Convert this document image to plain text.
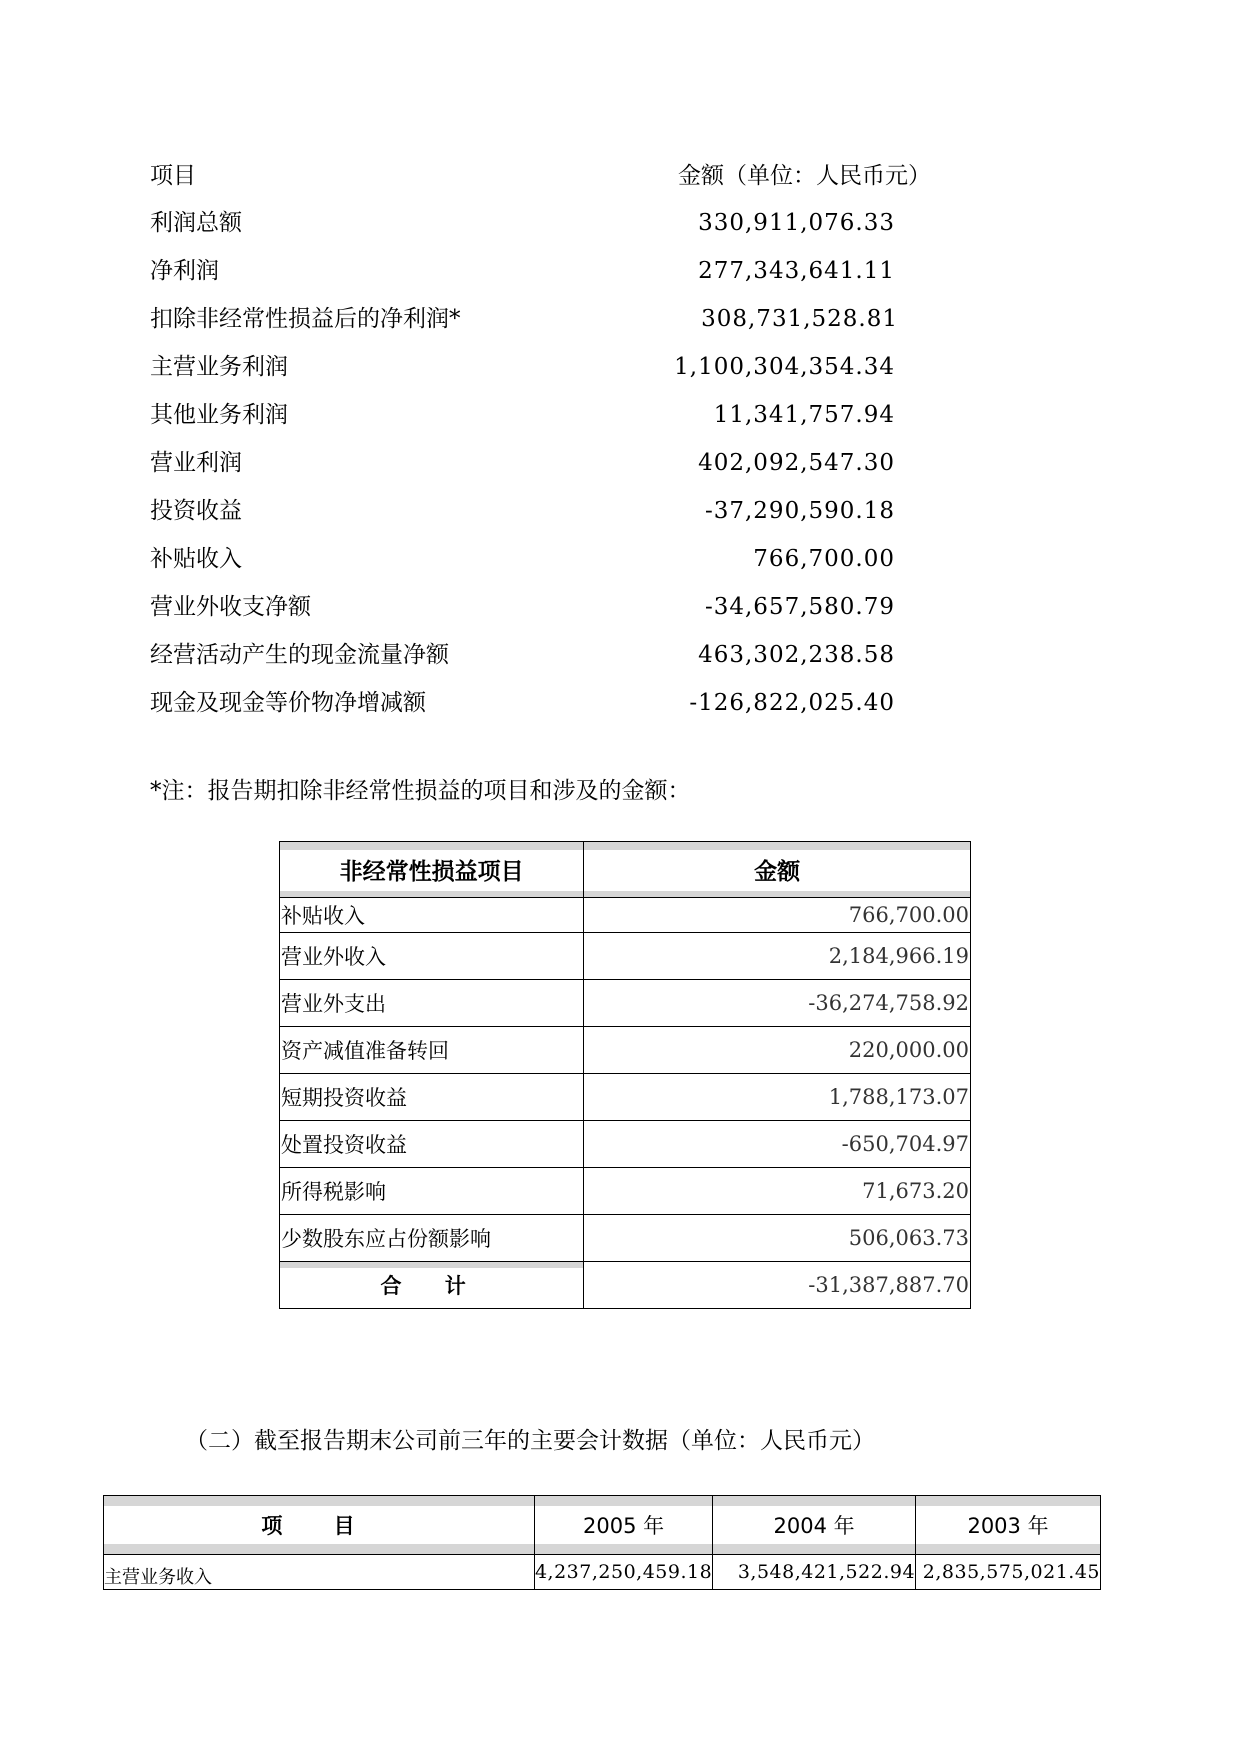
项目	金额（单位：人民币元）
利润总额	330,911,076.33
净利润	277,343,641.11
扣除非经常性损益后的净利润*	308,731,528.81
主营业务利润	1,100,304,354.34
其他业务利润	11,341,757.94
营业利润	402,092,547.30
投资收益	-37,290,590.18
补贴收入	766,700.00
营业外收支净额	-34,657,580.79
经营活动产生的现金流量净额	463,302,238.58
现金及现金等价物净增减额	-126,822,025.40
*注：报告期扣除非经常性损益的项目和涉及的金额：
非经常性损益项目	金额
补贴收入	766,700.00
营业外收入	2,184,966.19
营业外支出	-36,274,758.92
资产减值准备转回	220,000.00
短期投资收益	1,788,173.07
处置投资收益	-650,704.97
所得税影响	71,673.20
少数股东应占份额影响	506,063.73
合 计	-31,387,887.70
（二）截至报告期末公司前三年的主要会计数据（单位：人民币元）
项 目	2005 年	2004 年	2003 年
主营业务收入	4,237,250,459.18	3,548,421,522.94	2,835,575,021.45
